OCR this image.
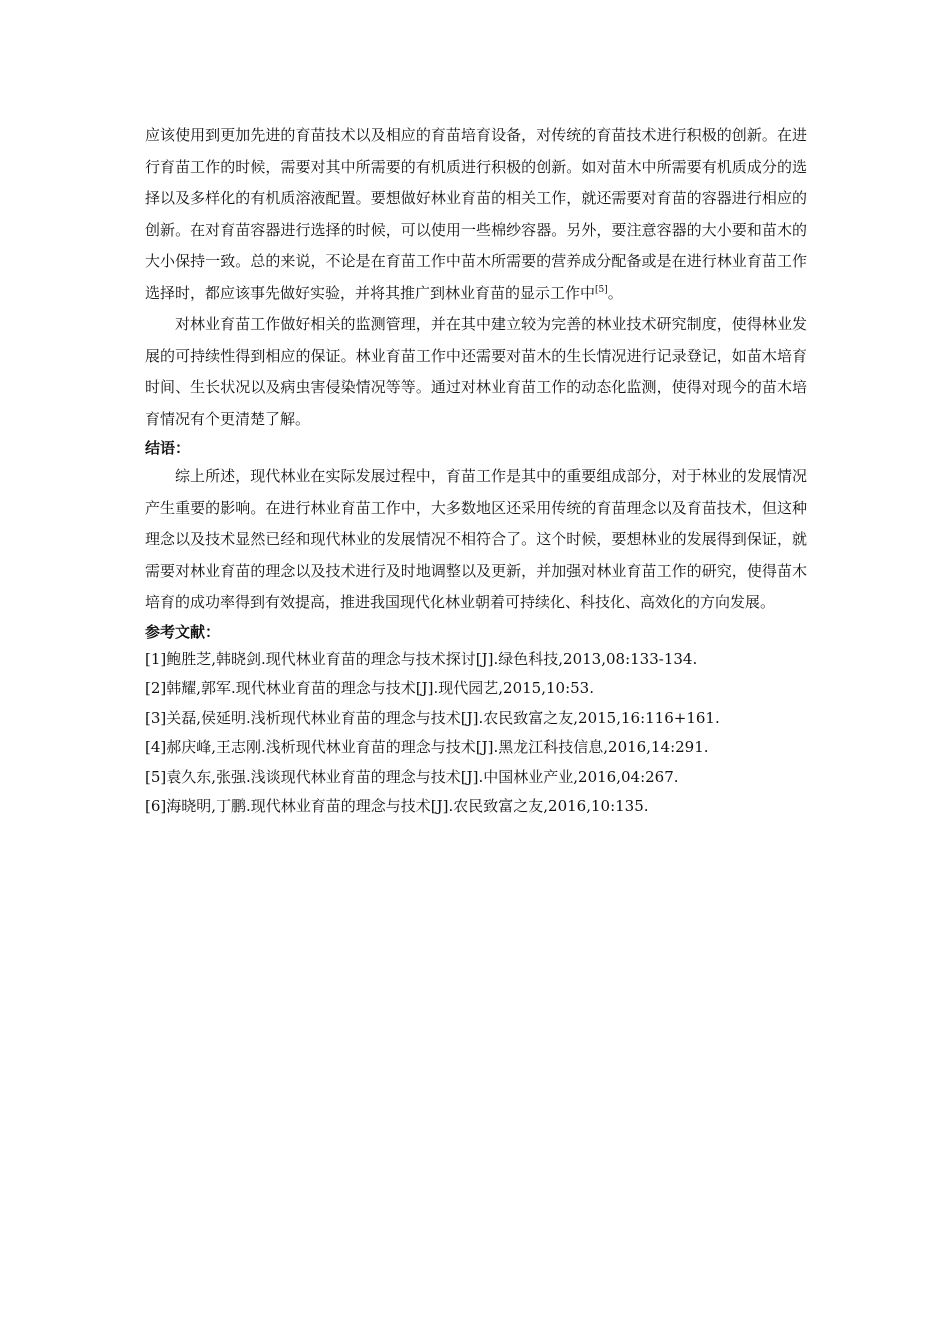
应该使用到更加先进的育苗技术以及相应的育苗培育设备，对传统的育苗技术进行积极的创新。在进行育苗工作的时候，需要对其中所需要的有机质进行积极的创新。如对苗木中所需要有机质成分的选择以及多样化的有机质溶液配置。要想做好林业育苗的相关工作，就还需要对育苗的容器进行相应的创新。在对育苗容器进行选择的时候，可以使用一些棉纱容器。另外，要注意容器的大小要和苗木的大小保持一致。总的来说，不论是在育苗工作中苗木所需要的营养成分配备或是在进行林业育苗工作选择时，都应该事先做好实验，并将其推广到林业育苗的显示工作中[5]。

对林业育苗工作做好相关的监测管理，并在其中建立较为完善的林业技术研究制度，使得林业发展的可持续性得到相应的保证。林业育苗工作中还需要对苗木的生长情况进行记录登记，如苗木培育时间、生长状况以及病虫害侵染情况等等。通过对林业育苗工作的动态化监测，使得对现今的苗木培育情况有个更清楚了解。

结语：

综上所述，现代林业在实际发展过程中，育苗工作是其中的重要组成部分，对于林业的发展情况产生重要的影响。在进行林业育苗工作中，大多数地区还采用传统的育苗理念以及育苗技术，但这种理念以及技术显然已经和现代林业的发展情况不相符合了。这个时候，要想林业的发展得到保证，就需要对林业育苗的理念以及技术进行及时地调整以及更新，并加强对林业育苗工作的研究，使得苗木培育的成功率得到有效提高，推进我国现代化林业朝着可持续化、科技化、高效化的方向发展。

参考文献：

[1]鲍胜芝,韩晓剑.现代林业育苗的理念与技术探讨[J].绿色科技,2013,08:133-134.

[2]韩耀,郭军.现代林业育苗的理念与技术[J].现代园艺,2015,10:53.

[3]关磊,侯延明.浅析现代林业育苗的理念与技术[J].农民致富之友,2015,16:116+161.

[4]郝庆峰,王志刚.浅析现代林业育苗的理念与技术[J].黑龙江科技信息,2016,14:291.

[5]袁久东,张强.浅谈现代林业育苗的理念与技术[J].中国林业产业,2016,04:267.

[6]海晓明,丁鹏.现代林业育苗的理念与技术[J].农民致富之友,2016,10:135.
